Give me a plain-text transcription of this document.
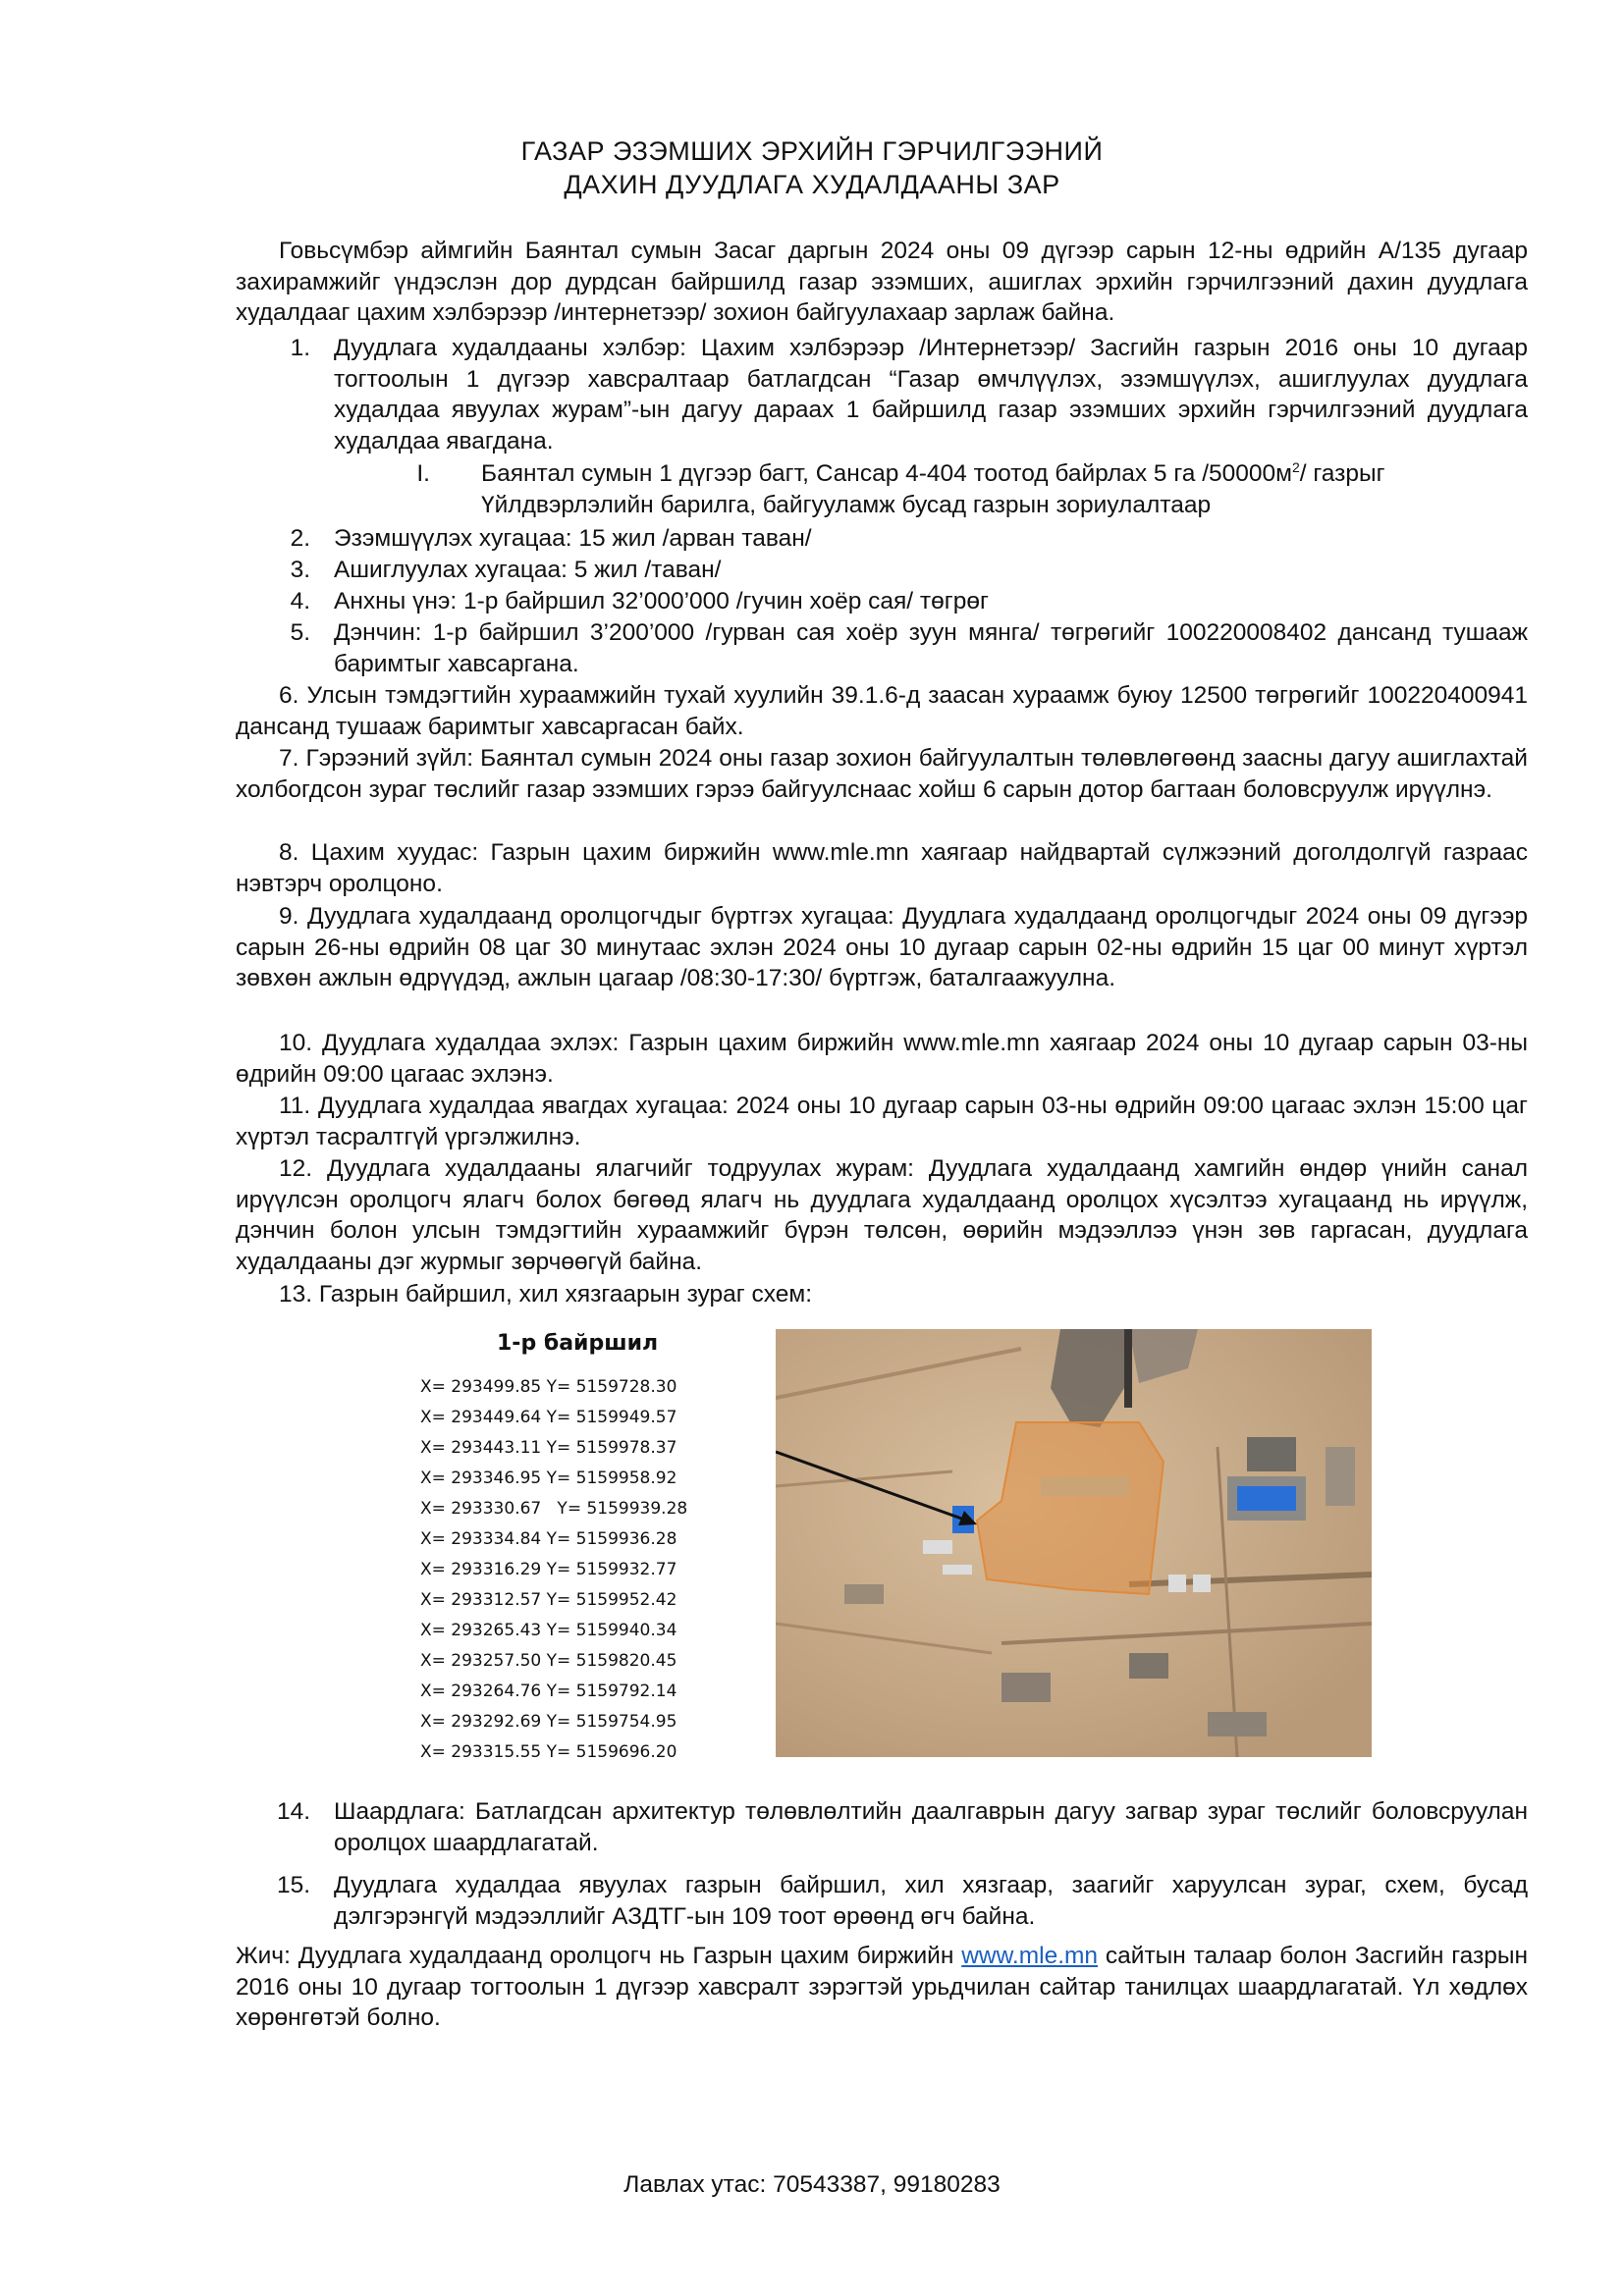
ГАЗАР ЭЗЭМШИХ ЭРХИЙН ГЭРЧИЛГЭЭНИЙ
ДАХИН ДУУДЛАГА ХУДАЛДААНЫ ЗАР
Говьсүмбэр аймгийн Баянтал сумын Засаг даргын 2024 оны 09 дүгээр сарын 12-ны өдрийн А/135 дугаар захирамжийг үндэслэн дор дурдсан байршилд газар эзэмших, ашиглах эрхийн гэрчилгээний дахин дуудлага худалдааг цахим хэлбэрээр /интернетээр/ зохион байгуулахаар зарлаж байна.
1. Дуудлага худалдааны хэлбэр: Цахим хэлбэрээр /Интернетээр/ Засгийн газрын 2016 оны 10 дугаар тогтоолын 1 дүгээр хавсралтаар батлагдсан “Газар өмчлүүлэх, эзэмшүүлэх, ашиглуулах дуудлага худалдаа явуулах журам”-ын дагуу дараах 1 байршилд газар эзэмших эрхийн гэрчилгээний дуудлага худалдаа явагдана.
I. Баянтал сумын 1 дүгээр багт, Сансар 4-404 тоотод байрлах 5 га $/50000м^2/$ газрыг Үйлдвэрлэлийн барилга, байгууламж бусад газрын зориулалтаар
2. Эзэмшүүлэх хугацаа: 15 жил /арван таван/
3. Ашиглуулах хугацаа: 5 жил /таван/
4. Анхны үнэ: 1-р байршил 32’000’000 /гучин хоёр сая/ төгрөг
5. Дэнчин: 1-р байршил 3’200’000 /гурван сая хоёр зуун мянга/ төгрөгийг 100220008402 дансанд тушааж баримтыг хавсаргана.
6. Улсын тэмдэгтийн хураамжийн тухай хуулийн 39.1.6-д заасан хураамж буюу 12500 төгрөгийг 100220400941 дансанд тушааж баримтыг хавсаргасан байх.
7. Гэрээний зүйл: Баянтал сумын 2024 оны газар зохион байгуулалтын төлөвлөгөөнд заасны дагуу ашиглахтай холбогдсон зураг төслийг газар эзэмших гэрээ байгуулснаас хойш 6 сарын дотор багтаан боловсруулж ирүүлнэ.
8. Цахим хуудас: Газрын цахим биржийн www.mle.mn хаягаар найдвартай сүлжээний доголдолгүй газраас нэвтэрч оролцоно.
9. Дуудлага худалдаанд оролцогчдыг бүртгэх хугацаа: Дуудлага худалдаанд оролцогчдыг 2024 оны 09 дүгээр сарын 26-ны өдрийн 08 цаг 30 минутаас эхлэн 2024 оны 10 дугаар сарын 02-ны өдрийн 15 цаг 00 минут хүртэл зөвхөн ажлын өдрүүдэд, ажлын цагаар /08:30-17:30/ бүртгэж, баталгаажуулна.
10. Дуудлага худалдаа эхлэх: Газрын цахим биржийн www.mle.mn хаягаар 2024 оны 10 дугаар сарын 03-ны өдрийн 09:00 цагаас эхлэнэ.
11. Дуудлага худалдаа явагдах хугацаа: 2024 оны 10 дугаар сарын 03-ны өдрийн 09:00 цагаас эхлэн 15:00 цаг хүртэл тасралтгүй үргэлжилнэ.
12. Дуудлага худалдааны ялагчийг тодруулах журам: Дуудлага худалдаанд хамгийн өндөр үнийн санал ирүүлсэн оролцогч ялагч болох бөгөөд ялагч нь дуудлага худалдаанд оролцох хүсэлтээ хугацаанд нь ирүүлж, дэнчин болон улсын тэмдэгтийн хураамжийг бүрэн төлсөн, өөрийн мэдээллээ үнэн зөв гаргасан, дуудлага худалдааны дэг журмыг зөрчөөгүй байна.
13. Газрын байршил, хил хязгаарын зураг схем:
1-р байршил
X= 293499.85 Y= 5159728.30
X= 293449.64 Y= 5159949.57
X= 293443.11 Y= 5159978.37
X= 293346.95 Y= 5159958.92
X= 293330.67   Y= 5159939.28
X= 293334.84 Y= 5159936.28
X= 293316.29 Y= 5159932.77
X= 293312.57 Y= 5159952.42
X= 293265.43 Y= 5159940.34
X= 293257.50 Y= 5159820.45
X= 293264.76 Y= 5159792.14
X= 293292.69 Y= 5159754.95
X= 293315.55 Y= 5159696.20
14. Шаардлага: Батлагдсан архитектур төлөвлөлтийн даалгаврын дагуу загвар зураг төслийг боловсруулан оролцох шаардлагатай.
15. Дуудлага худалдаа явуулах газрын байршил, хил хязгаар, заагийг харуулсан зураг, схем, бусад дэлгэрэнгүй мэдээллийг АЗДТГ-ын 109 тоот өрөөнд өгч байна.
Жич: Дуудлага худалдаанд оролцогч нь Газрын цахим биржийн www.mle.mn сайтын талаар болон Засгийн газрын 2016 оны 10 дугаар тогтоолын 1 дүгээр хавсралт зэрэгтэй урьдчилан сайтар танилцах шаардлагатай. Үл хөдлөх хөрөнгөтэй болно.
Лавлах утас: 70543387, 99180283
